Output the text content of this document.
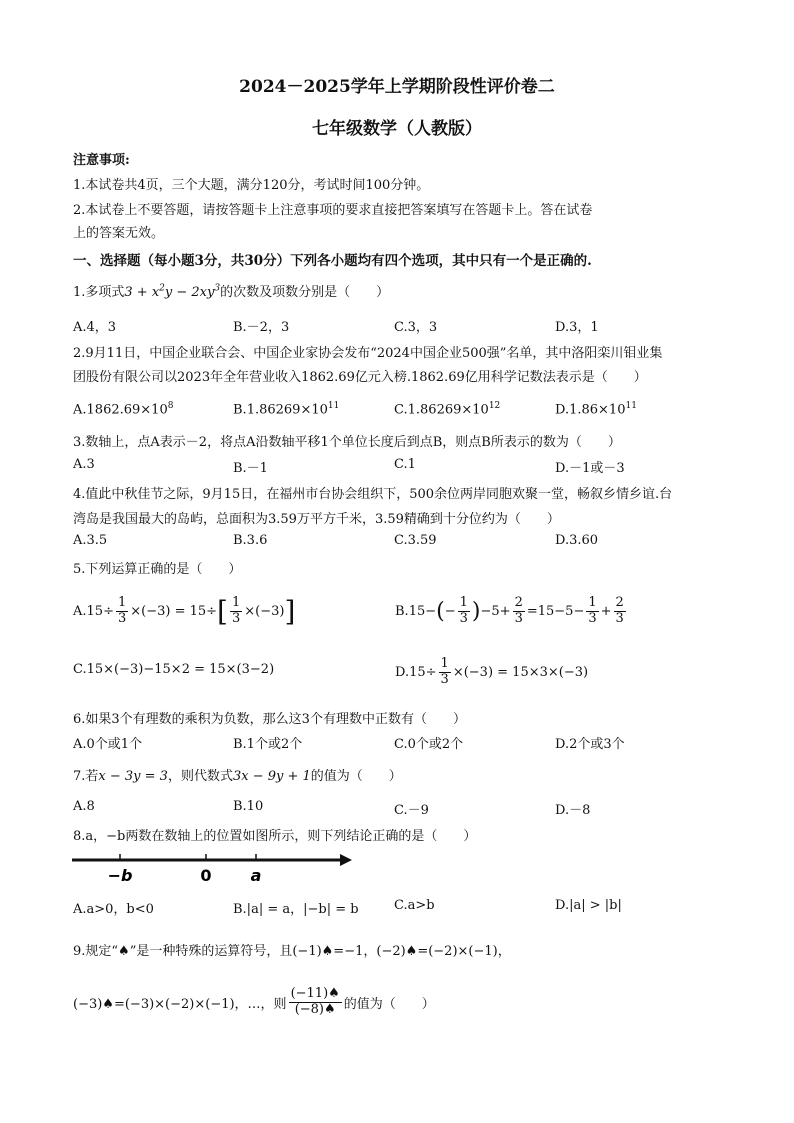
2024－2025学年上学期阶段性评价卷二
七年级数学（人教版）
注意事项:
1.本试卷共4页，三个大题，满分120分，考试时间100分钟。
2.本试卷上不要答题，请按答题卡上注意事项的要求直接把答案填写在答题卡上。答在试卷
上的答案无效。
一、选择题（每小题3分，共30分）下列各小题均有四个选项，其中只有一个是正确的.
1.多项式$3 + x^2y - 2xy^3$的次数及项数分别是（　　）
A.4，3	B.－2，3	C.3，3	D.3，1
2.9月11日，中国企业联合会、中国企业家协会发布“2024中国企业500强”名单，其中洛阳栾川钼业集
团股份有限公司以2023年全年营业收入1862.69亿元入榜.1862.69亿用科学记数法表示是（　　）
$A.1862.69\times 10^8$	$B.1.86269\times 10^{11}$	$C.1.86269\times 10^{12}$	$D.1.86\times 10^{11}$
3.数轴上，点A表示－2，将点A沿数轴平移1个单位长度后到点B，则点B所表示的数为（　　）
A.3	B.－1	C.1	D.－1或－3
4.值此中秋佳节之际，9月15日，在福州市台协会组织下，500余位两岸同胞欢聚一堂，畅叙乡情乡谊.台
湾岛是我国最大的岛屿，总面积为3.59万平方千米，3.59精确到十分位约为（　　）
A.3.5	B.3.6	C.3.59	D.3.60
5.下列运算正确的是（　　）
A. $15\div \frac{1}{3} \times(-3) = 15\div$ [ $\frac{1}{3} \times(-3)$ ]	B. 15− ( − $\frac{1}{3}$ ) $-5+ \frac{2}{3} =15-5- \frac{1}{3} + \frac{2}{3}$
C.15×(−3)−15×2 = 15×(3−2)	D. $15\div \frac{1}{3} \times(-3) = 15\times 3\times(-3)$
6.如果3个有理数的乘积为负数，那么这3个有理数中正数有（　　）
A.0个或1个	B.1个或2个	C.0个或2个	D.2个或3个
7.若x − 3y = 3，则代数式3x − 9y + 1的值为（　　）
A.8	B.10	C.－9	D.－8
8.a，−b两数在数轴上的位置如图所示，则下列结论正确的是（　　）
−b	0 a
A.a>0，b<0	B.|a| = a，|−b| = b	C.a>b	D.|a| > |b|
9.规定“♠”是一种特殊的运算符号，且(−1)♠=−1，(−2)♠=(−2)×(−1)，
(−3)♠=(−3)×(−2)×(−1)，…，则 $\frac{(-11)♠}{(-8)♠}$ 的值为（　　）
